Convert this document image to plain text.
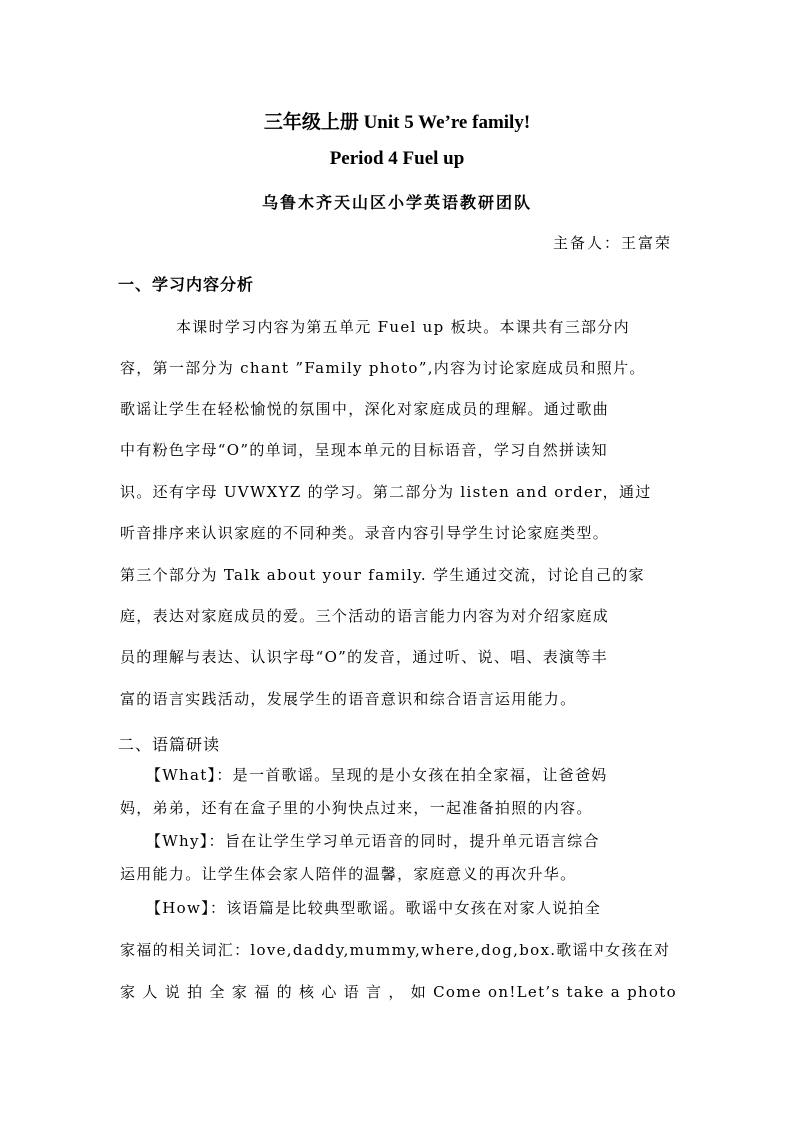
三年级上册 Unit 5 We’re family!
Period 4 Fuel up
乌鲁木齐天山区小学英语教研团队
主备人：王富荣
一、学习内容分析
本课时学习内容为第五单元 Fuel up 板块。本课共有三部分内
容，第一部分为 chant ”Family photo”,内容为讨论家庭成员和照片。
歌谣让学生在轻松愉悦的氛围中，深化对家庭成员的理解。通过歌曲
中有粉色字母“O”的单词，呈现本单元的目标语音，学习自然拼读知
识。还有字母 UVWXYZ 的学习。第二部分为 listen and order，通过
听音排序来认识家庭的不同种类。录音内容引导学生讨论家庭类型。
第三个部分为 Talk about your family. 学生通过交流，讨论自己的家
庭，表达对家庭成员的爱。三个活动的语言能力内容为对介绍家庭成
员的理解与表达、认识字母“O”的发音，通过听、说、唱、表演等丰
富的语言实践活动，发展学生的语音意识和综合语言运用能力。
二、语篇研读
【What】：是一首歌谣。呈现的是小女孩在拍全家福，让爸爸妈
妈，弟弟，还有在盒子里的小狗快点过来，一起准备拍照的内容。
【Why】：旨在让学生学习单元语音的同时，提升单元语言综合
运用能力。让学生体会家人陪伴的温馨，家庭意义的再次升华。
【How】：该语篇是比较典型歌谣。歌谣中女孩在对家人说拍全
家福的相关词汇：love,daddy,mummy,where,dog,box.歌谣中女孩在对
家 人 说 拍 全 家 福 的 核 心 语 言 ， 如 Come on!Let’s take a photo
